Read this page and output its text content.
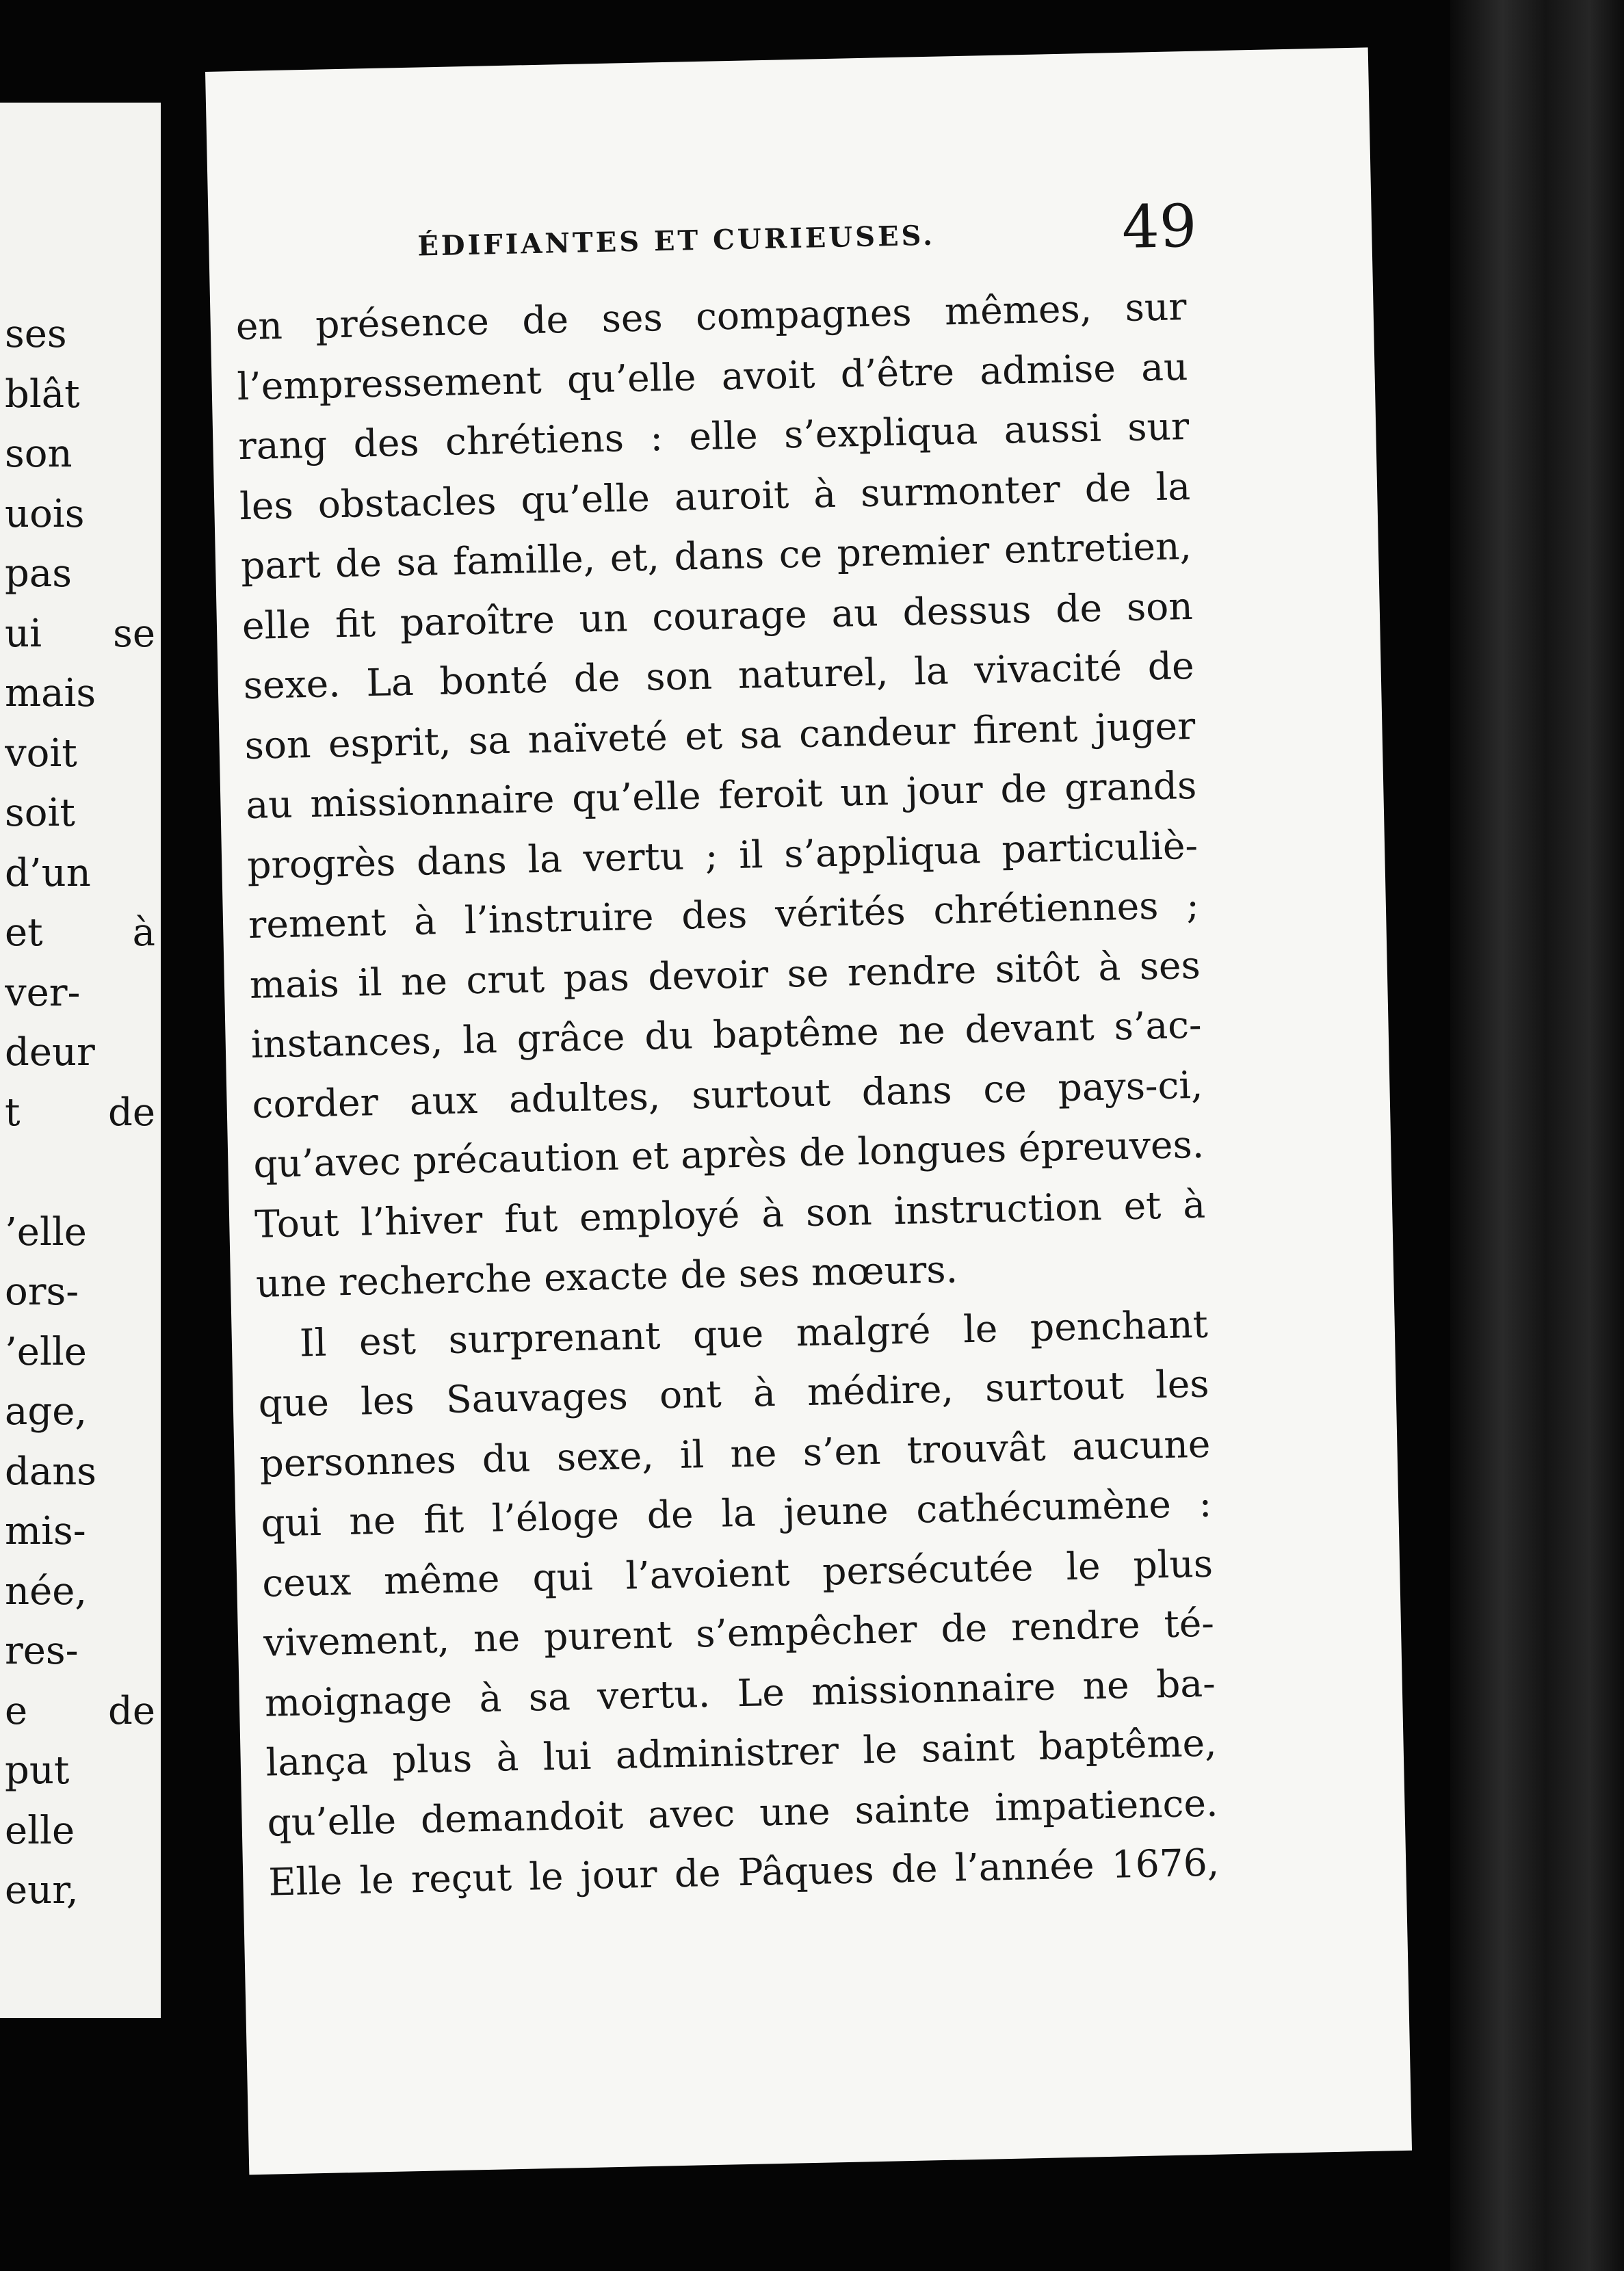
ses
blât
son
uois
pas
ui se
mais
voit
soit
d’un
et à
ver-
deur
t de
’elle
ors-
’elle
age,
dans
mis-
née,
res-
e de
put
elle
eur,
ÉDIFIANTES ET CURIEUSES.	49
en présence de ses compagnes mêmes, sur
l’empressement qu’elle avoit d’être admise au
rang des chrétiens : elle s’expliqua aussi sur
les obstacles qu’elle auroit à surmonter de la
part de sa famille, et, dans ce premier entretien,
elle fit paroître un courage au dessus de son
sexe. La bonté de son naturel, la vivacité de
son esprit, sa naïveté et sa candeur firent juger
au missionnaire qu’elle feroit un jour de grands
progrès dans la vertu ; il s’appliqua particuliè-
rement à l’instruire des vérités chrétiennes ;
mais il ne crut pas devoir se rendre sitôt à ses
instances, la grâce du baptême ne devant s’ac-
corder aux adultes, surtout dans ce pays-ci,
qu’avec précaution et après de longues épreuves.
Tout l’hiver fut employé à son instruction et à
une recherche exacte de ses mœurs.
Il est surprenant que malgré le penchant
que les Sauvages ont à médire, surtout les
personnes du sexe, il ne s’en trouvât aucune
qui ne fit l’éloge de la jeune cathécumène :
ceux même qui l’avoient persécutée le plus
vivement, ne purent s’empêcher de rendre té-
moignage à sa vertu. Le missionnaire ne ba-
lança plus à lui administrer le saint baptême,
qu’elle demandoit avec une sainte impatience.
Elle le reçut le jour de Pâques de l’année 1676,
